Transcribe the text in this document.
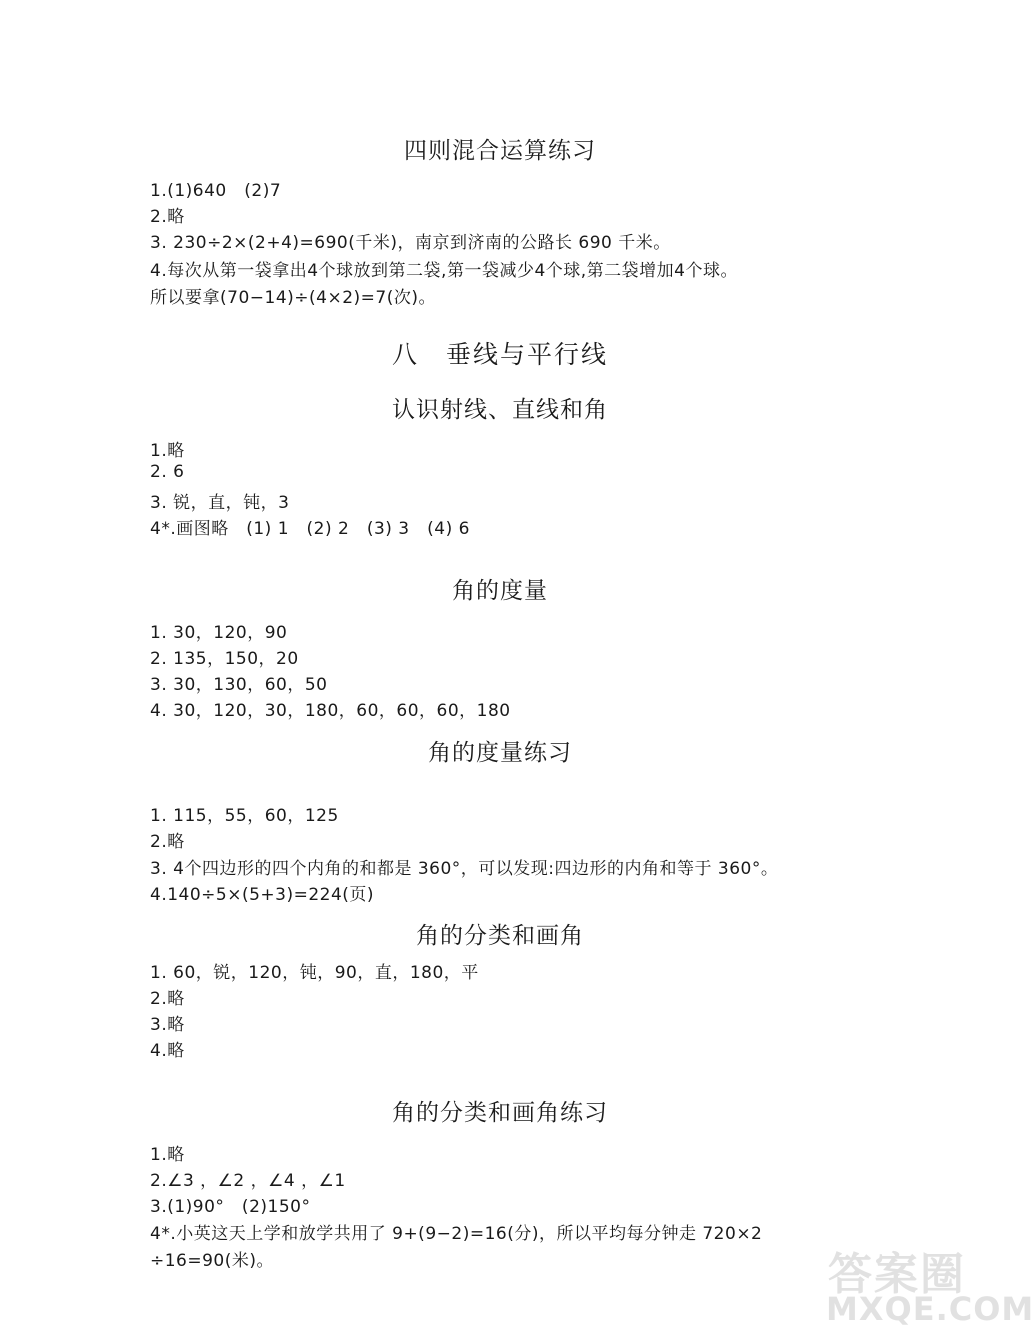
四则混合运算练习
1.(1)640　(2)7
2.略
3. 230÷2×(2+4)=690(千米)，南京到济南的公路长 690 千米。
4.每次从第一袋拿出4个球放到第二袋,第一袋减少4个球,第二袋增加4个球。
所以要拿(70−14)÷(4×2)=7(次)。
八　垂线与平行线
认识射线、直线和角
1.略
2. 6
3. 锐，直，钝，3
4*.画图略　(1) 1　(2) 2　(3) 3　(4) 6
角的度量
1. 30，120，90
2. 135，150，20
3. 30，130，60，50
4. 30，120，30，180，60，60，60，180
角的度量练习
1. 115，55，60，125
2.略
3. 4个四边形的四个内角的和都是 360°，可以发现:四边形的内角和等于 360°。
4.140÷5×(5+3)=224(页)
角的分类和画角
1. 60，锐，120，钝，90，直，180，平
2.略
3.略
4.略
角的分类和画角练习
1.略
2.∠3 ，∠2 ，∠4 ，∠1
3.(1)90°　(2)150°
4*.小英这天上学和放学共用了 9+(9−2)=16(分)，所以平均每分钟走 720×2
÷16=90(米)。	答案圈
MXQE.COM
